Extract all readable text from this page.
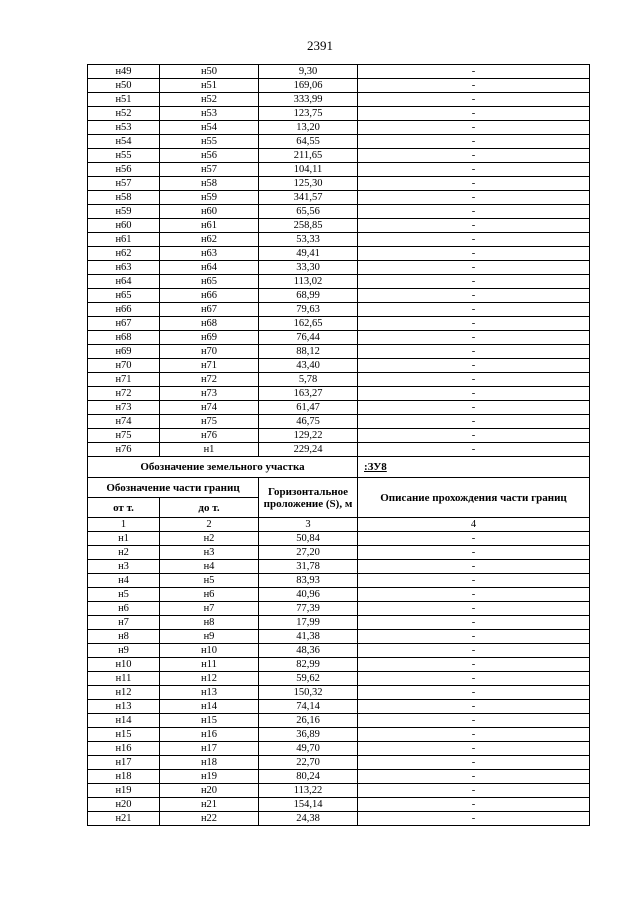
2391
н49	н50	9,30	-
н50	н51	169,06	-
н51	н52	333,99	-
н52	н53	123,75	-
н53	н54	13,20	-
н54	н55	64,55	-
н55	н56	211,65	-
н56	н57	104,11	-
н57	н58	125,30	-
н58	н59	341,57	-
н59	н60	65,56	-
н60	н61	258,85	-
н61	н62	53,33	-
н62	н63	49,41	-
н63	н64	33,30	-
н64	н65	113,02	-
н65	н66	68,99	-
н66	н67	79,63	-
н67	н68	162,65	-
н68	н69	76,44	-
н69	н70	88,12	-
н70	н71	43,40	-
н71	н72	5,78	-
н72	н73	163,27	-
н73	н74	61,47	-
н74	н75	46,75	-
н75	н76	129,22	-
н76	н1	229,24	-
Обозначение земельного участка			:ЗУ8
Обозначение части границ		Горизонтальное проложение (S), м	Описание прохождения части границ
от т.	до т.		
1	2	3	4
н1	н2	50,84	-
н2	н3	27,20	-
н3	н4	31,78	-
н4	н5	83,93	-
н5	н6	40,96	-
н6	н7	77,39	-
н7	н8	17,99	-
н8	н9	41,38	-
н9	н10	48,36	-
н10	н11	82,99	-
н11	н12	59,62	-
н12	н13	150,32	-
н13	н14	74,14	-
н14	н15	26,16	-
н15	н16	36,89	-
н16	н17	49,70	-
н17	н18	22,70	-
н18	н19	80,24	-
н19	н20	113,22	-
н20	н21	154,14	-
н21	н22	24,38	-
